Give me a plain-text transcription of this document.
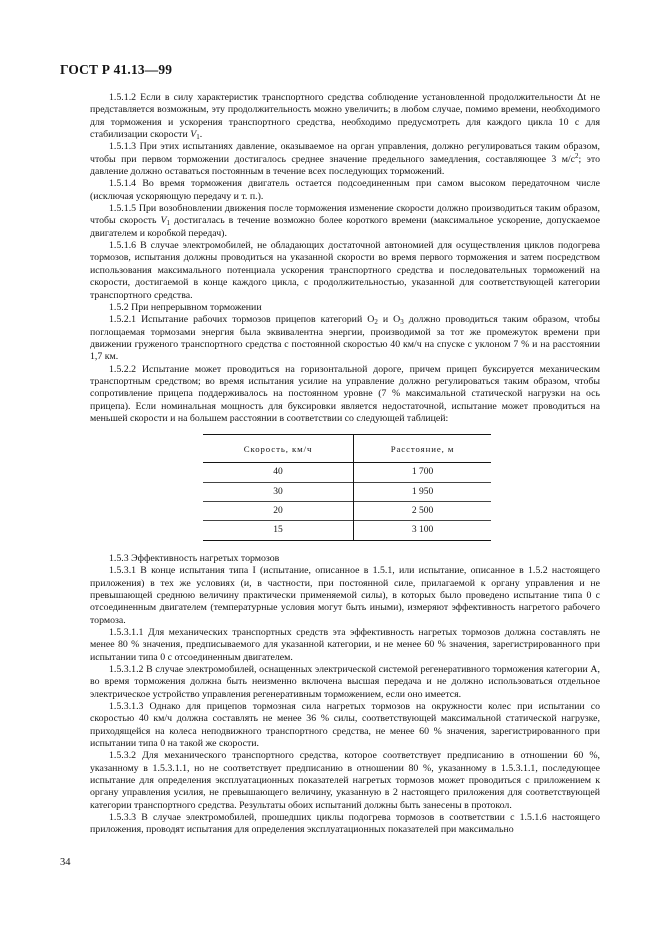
ГОСТ Р 41.13—99

1.5.1.2 Если в силу характеристик транспортного средства соблюдение установленной продолжительности Δt не представляется возможным, эту продолжительность можно увеличить; в любом случае, помимо времени, необходимого для торможения и ускорения транспортного средства, необходимо предусмотреть для каждого цикла 10 с для стабилизации скорости $V_1$.

1.5.1.3 При этих испытаниях давление, оказываемое на орган управления, должно регулироваться таким образом, чтобы при первом торможении достигалось среднее значение предельного замедления, составляющее 3 $м/с^2$; это давление должно оставаться постоянным в течение всех последующих торможений.

1.5.1.4 Во время торможения двигатель остается подсоединенным при самом высоком передаточном числе (исключая ускоряющую передачу и т. п.).

1.5.1.5 При возобновлении движения после торможения изменение скорости должно производиться таким образом, чтобы скорость $V_1$ достигалась в течение возможно более короткого времени (максимальное ускорение, допускаемое двигателем и коробкой передач).

1.5.1.6 В случае электромобилей, не обладающих достаточной автономией для осуществления циклов подогрева тормозов, испытания должны проводиться на указанной скорости во время первого торможения и затем посредством использования максимального потенциала ускорения транспортного средства и последовательных торможений на скорости, достигаемой в конце каждого цикла, с продолжительностью, указанной для соответствующей категории транспортного средства.

1.5.2 При непрерывном торможении

1.5.2.1 Испытание рабочих тормозов прицепов категорий $O_2$ и $O_3$ должно проводиться таким образом, чтобы поглощаемая тормозами энергия была эквивалентна энергии, производимой за тот же промежуток времени при движении груженого транспортного средства с постоянной скоростью 40 км/ч на спуске с уклоном 7 % и на расстоянии 1,7 км.

1.5.2.2 Испытание может проводиться на горизонтальной дороге, причем прицеп буксируется механическим транспортным средством; во время испытания усилие на управление должно регулироваться таким образом, чтобы сопротивление прицепа поддерживалось на постоянном уровне (7 % максимальной статической нагрузки на ось прицепа). Если номинальная мощность для буксировки является недостаточной, испытание может проводиться на меньшей скорости и на большем расстоянии в соответствии со следующей таблицей:

Скорость, км/ч	Расстояние, м
40	1 700
30	1 950
20	2 500
15	3 100

1.5.3 Эффективность нагретых тормозов

1.5.3.1 В конце испытания типа I (испытание, описанное в 1.5.1, или испытание, описанное в 1.5.2 настоящего приложения) в тех же условиях (и, в частности, при постоянной силе, прилагаемой к органу управления и не превышающей среднюю величину практически применяемой силы), в которых было проведено испытание типа 0 с отсоединенным двигателем (температурные условия могут быть иными), измеряют эффективность нагретого рабочего тормоза.

1.5.3.1.1 Для механических транспортных средств эта эффективность нагретых тормозов должна составлять не менее 80 % значения, предписываемого для указанной категории, и не менее 60 % значения, зарегистрированного при испытании типа 0 с отсоединенным двигателем.

1.5.3.1.2 В случае электромобилей, оснащенных электрической системой регенеративного торможения категории А, во время торможения должна быть неизменно включена высшая передача и не должно использоваться отдельное электрическое устройство управления регенеративным торможением, если оно имеется.

1.5.3.1.3 Однако для прицепов тормозная сила нагретых тормозов на окружности колес при испытании со скоростью 40 км/ч должна составлять не менее 36 % силы, соответствующей максимальной статической нагрузке, приходящейся на колеса неподвижного транспортного средства, не менее 60 % значения, зарегистрированного при испытании типа 0 на такой же скорости.

1.5.3.2 Для механического транспортного средства, которое соответствует предписанию в отношении 60 %, указанному в 1.5.3.1.1, но не соответствует предписанию в отношении 80 %, указанному в 1.5.3.1.1, последующее испытание для определения эксплуатационных показателей нагретых тормозов может проводиться с приложением к органу управления усилия, не превышающего величину, указанную в 2 настоящего приложения для соответствующей категории транспортного средства. Результаты обоих испытаний должны быть занесены в протокол.

1.5.3.3 В случае электромобилей, прошедших циклы подогрева тормозов в соответствии с 1.5.1.6 настоящего приложения, проводят испытания для определения эксплуатационных показателей при максимально

34
